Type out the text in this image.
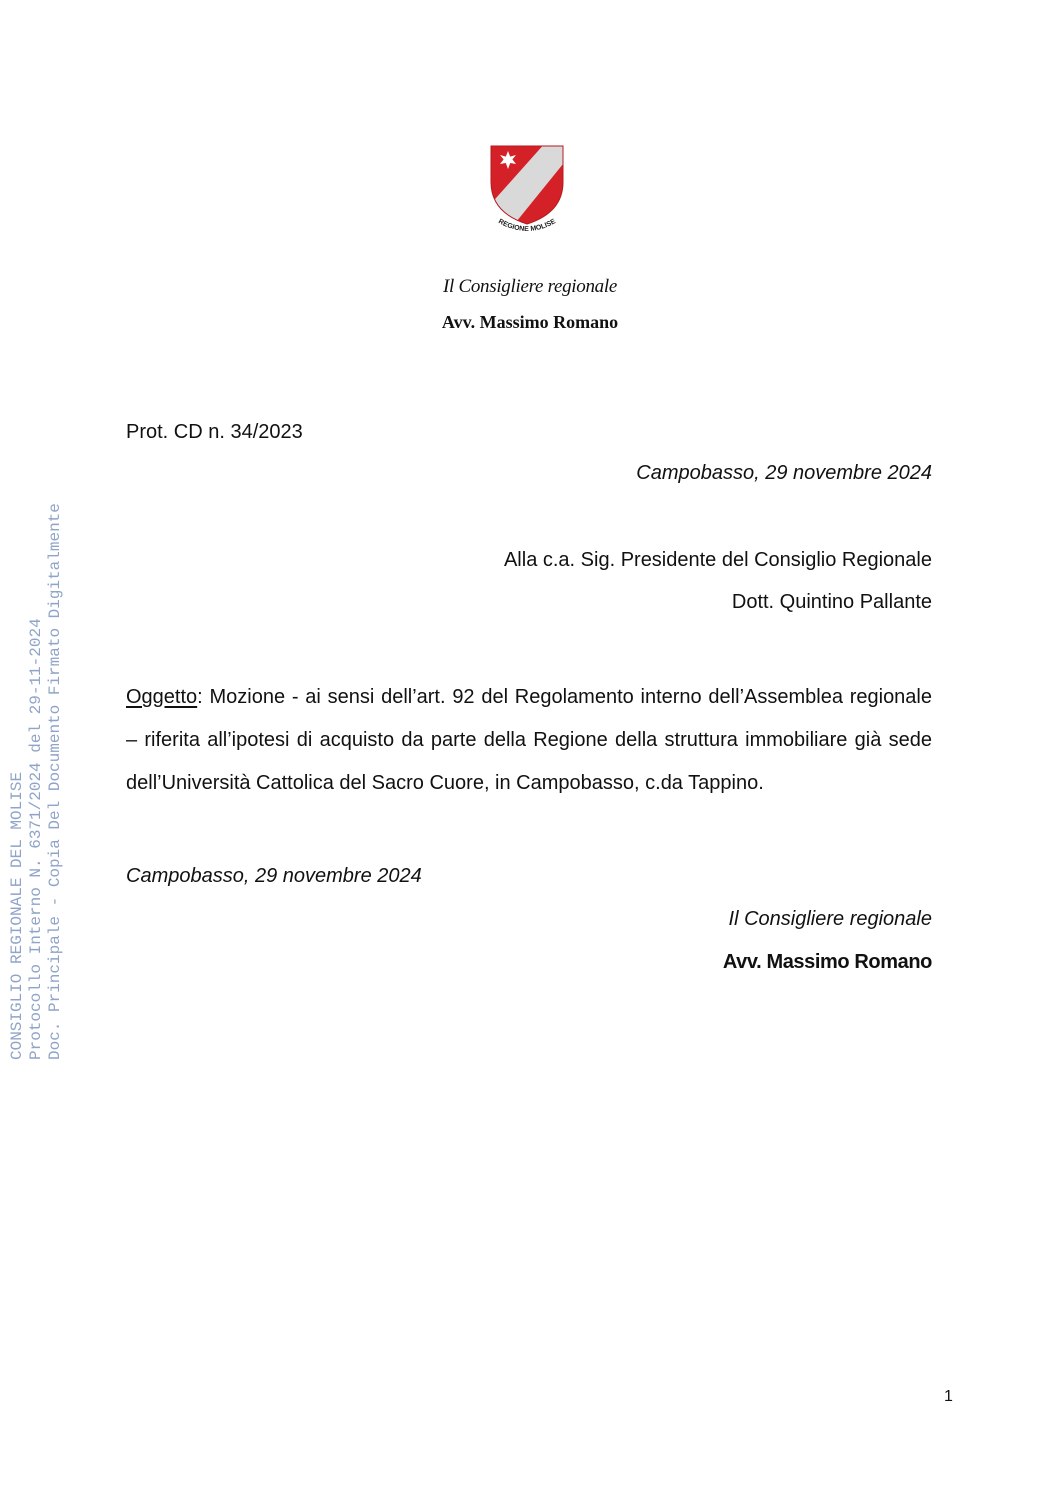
REGIONE MOLISE
Il Consigliere regionale
Avv. Massimo Romano
Prot. CD n. 34/2023
Campobasso, 29 novembre 2024
Alla c.a. Sig. Presidente del Consiglio Regionale
Dott. Quintino Pallante
Oggetto: Mozione - ai sensi dell’art. 92 del Regolamento interno dell’Assemblea regionale – riferita all’ipotesi di acquisto da parte della Regione della struttura immobiliare già sede dell’Università Cattolica del Sacro Cuore, in Campobasso, c.da Tappino.
Campobasso, 29 novembre 2024
Il Consigliere regionale
Avv. Massimo Romano
1
CONSIGLIO REGIONALE DEL MOLISE Protocollo Interno N. 6371/2024 del 29-11-2024 Doc. Principale - Copia Del Documento Firmato Digitalmente
